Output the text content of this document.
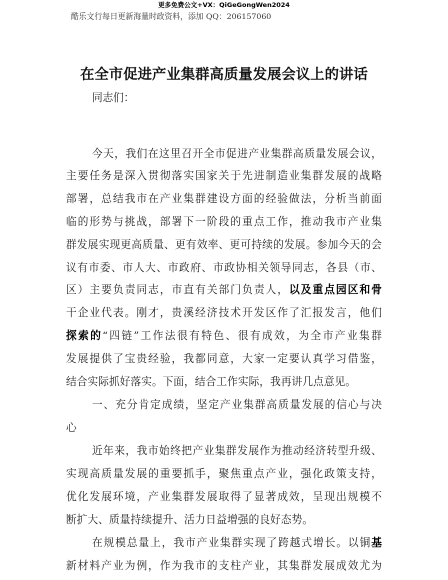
更多免费公文+VX：QiGeGongWen2024
酷乐文行每日更新海量时政资料，添加 QQ：206157060
在全市促进产业集群高质量发展会议上的讲话
同志们：
今天，我们在这里召开全市促进产业集群高质量发展会议，
主要任务是深入贯彻落实国家关于先进制造业集群发展的战略
部署，总结我市在产业集群建设方面的经验做法，分析当前面
临的形势与挑战，部署下一阶段的重点工作，推动我市产业集
群发展实现更高质量、更有效率、更可持续的发展。参加今天的会
议有市委、市人大、市政府、市政协相关领导同志，各县（市、
区）主要负责同志，市直有关部门负责人，以及重点园区和骨
干企业代表。刚才，贵溪经济技术开发区作了汇报发言，他们
探索的“四链”工作法很有特色、很有成效，为全市产业集群
发展提供了宝贵经验，我都同意，大家一定要认真学习借鉴，
结合实际抓好落实。下面，结合工作实际，我再讲几点意见。
一、充分肯定成绩，坚定产业集群高质量发展的信心与决
心
近年来，我市始终把产业集群发展作为推动经济转型升级、
实现高质量发展的重要抓手，聚焦重点产业，强化政策支持，
优化发展环境，产业集群发展取得了显著成效，呈现出规模不
断扩大、质量持续提升、活力日益增强的良好态势。
在规模总量上，我市产业集群实现了跨越式增长。以铜基
新材料产业为例，作为我市的支柱产业，其集群发展成效尤为
